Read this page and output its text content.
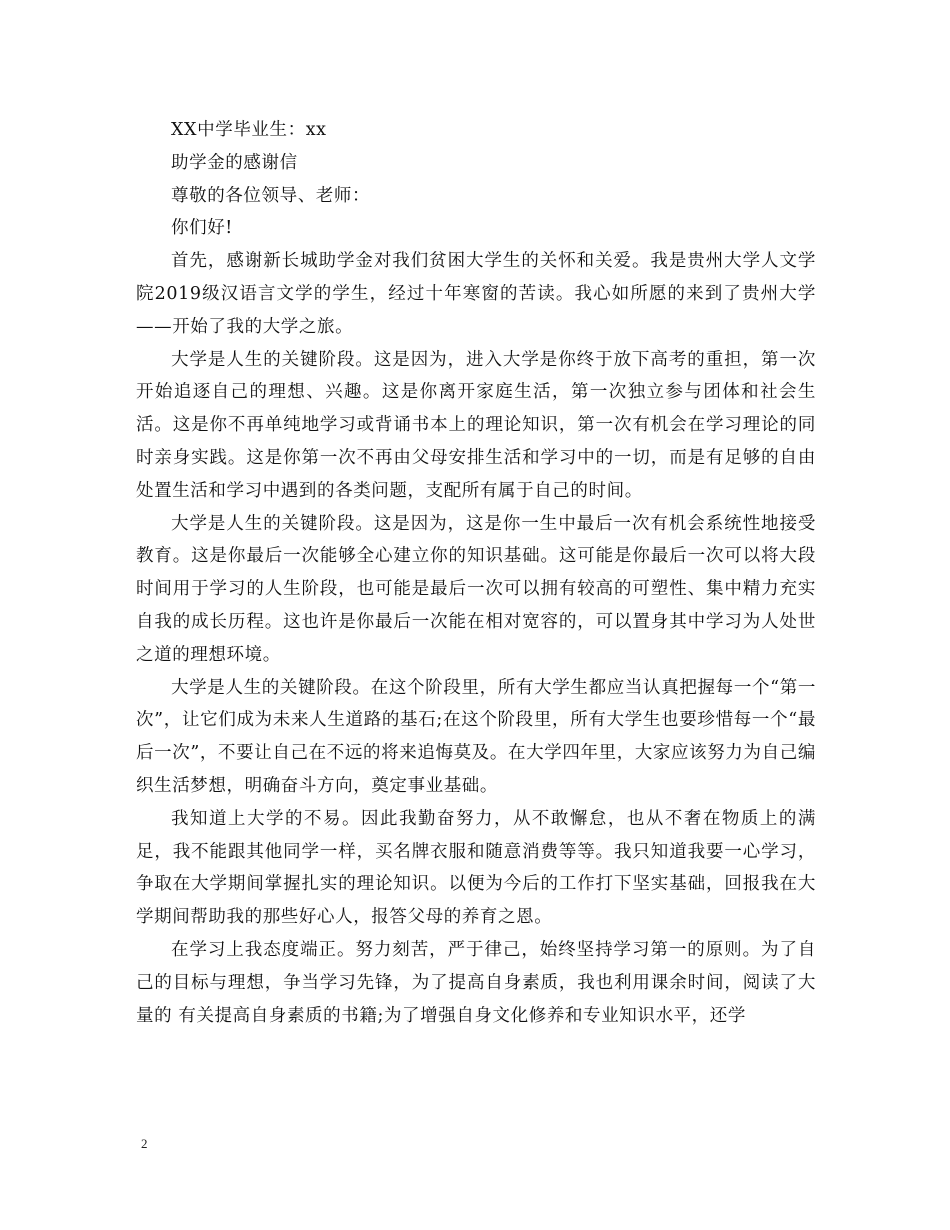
XX中学毕业生：xx

助学金的感谢信

尊敬的各位领导、老师：

你们好!

首先，感谢新长城助学金对我们贫困大学生的关怀和关爱。我是贵州大学人文学院2019级汉语言文学的学生，经过十年寒窗的苦读。我心如所愿的来到了贵州大学——开始了我的大学之旅。

大学是人生的关键阶段。这是因为，进入大学是你终于放下高考的重担，第一次开始追逐自己的理想、兴趣。这是你离开家庭生活，第一次独立参与团体和社会生活。这是你不再单纯地学习或背诵书本上的理论知识，第一次有机会在学习理论的同时亲身实践。这是你第一次不再由父母安排生活和学习中的一切，而是有足够的自由处置生活和学习中遇到的各类问题，支配所有属于自己的时间。

大学是人生的关键阶段。这是因为，这是你一生中最后一次有机会系统性地接受教育。这是你最后一次能够全心建立你的知识基础。这可能是你最后一次可以将大段时间用于学习的人生阶段，也可能是最后一次可以拥有较高的可塑性、集中精力充实自我的成长历程。这也许是你最后一次能在相对宽容的，可以置身其中学习为人处世之道的理想环境。

大学是人生的关键阶段。在这个阶段里，所有大学生都应当认真把握每一个“第一次”，让它们成为未来人生道路的基石;在这个阶段里，所有大学生也要珍惜每一个“最后一次”，不要让自己在不远的将来追悔莫及。在大学四年里，大家应该努力为自己编织生活梦想，明确奋斗方向，奠定事业基础。

我知道上大学的不易。因此我勤奋努力，从不敢懈怠，也从不奢在物质上的满足，我不能跟其他同学一样，买名牌衣服和随意消费等等。我只知道我要一心学习，争取在大学期间掌握扎实的理论知识。以便为今后的工作打下坚实基础，回报我在大学期间帮助我的那些好心人，报答父母的养育之恩。

在学习上我态度端正。努力刻苦，严于律己，始终坚持学习第一的原则。为了自己的目标与理想，争当学习先锋，为了提高自身素质，我也利用课余时间，阅读了大量的 有关提高自身素质的书籍;为了增强自身文化修养和专业知识水平，还学

2
